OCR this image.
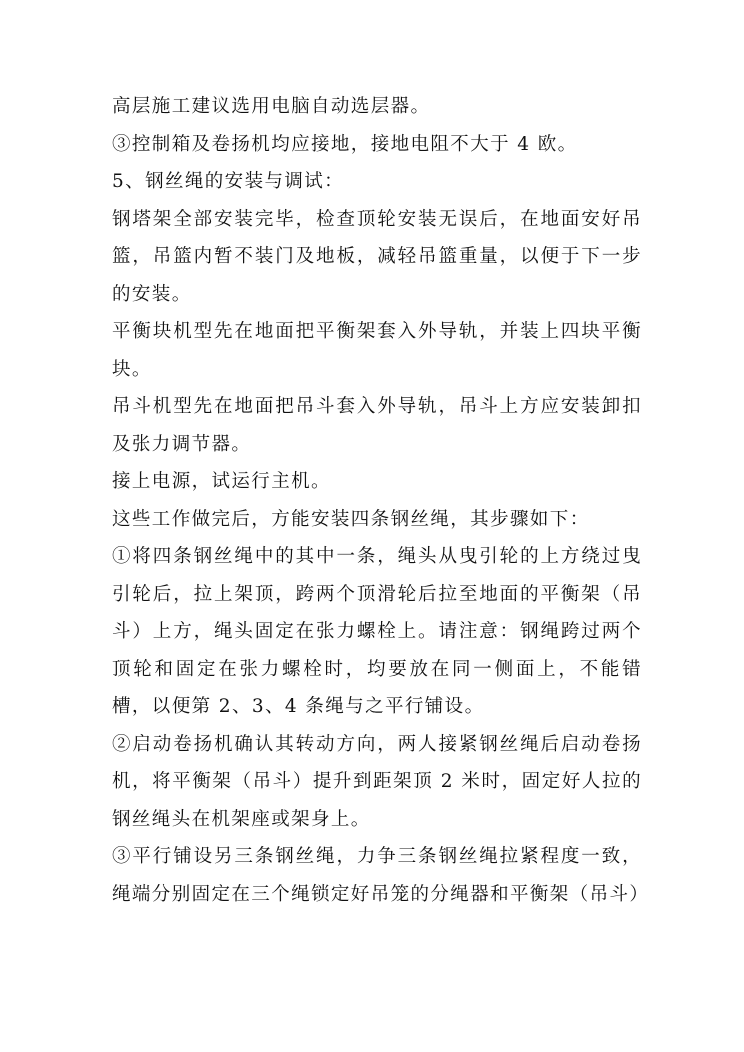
高层施工建议选用电脑自动选层器。

③控制箱及卷扬机均应接地，接地电阻不大于 4 欧。

5、钢丝绳的安装与调试：

钢塔架全部安装完毕，检查顶轮安装无误后，在地面安好吊篮，吊篮内暂不装门及地板，减轻吊篮重量，以便于下一步的安装。

平衡块机型先在地面把平衡架套入外导轨，并装上四块平衡块。

吊斗机型先在地面把吊斗套入外导轨，吊斗上方应安装卸扣及张力调节器。

接上电源，试运行主机。

这些工作做完后，方能安装四条钢丝绳，其步骤如下：

①将四条钢丝绳中的其中一条，绳头从曳引轮的上方绕过曳引轮后，拉上架顶，跨两个顶滑轮后拉至地面的平衡架（吊斗）上方，绳头固定在张力螺栓上。请注意：钢绳跨过两个顶轮和固定在张力螺栓时，均要放在同一侧面上，不能错槽，以便第 2、3、4 条绳与之平行铺设。

②启动卷扬机确认其转动方向，两人接紧钢丝绳后启动卷扬机，将平衡架（吊斗）提升到距架顶 2 米时，固定好人拉的钢丝绳头在机架座或架身上。

③平行铺设另三条钢丝绳，力争三条钢丝绳拉紧程度一致，绳端分别固定在三个绳锁定好吊笼的分绳器和平衡架（吊斗）
